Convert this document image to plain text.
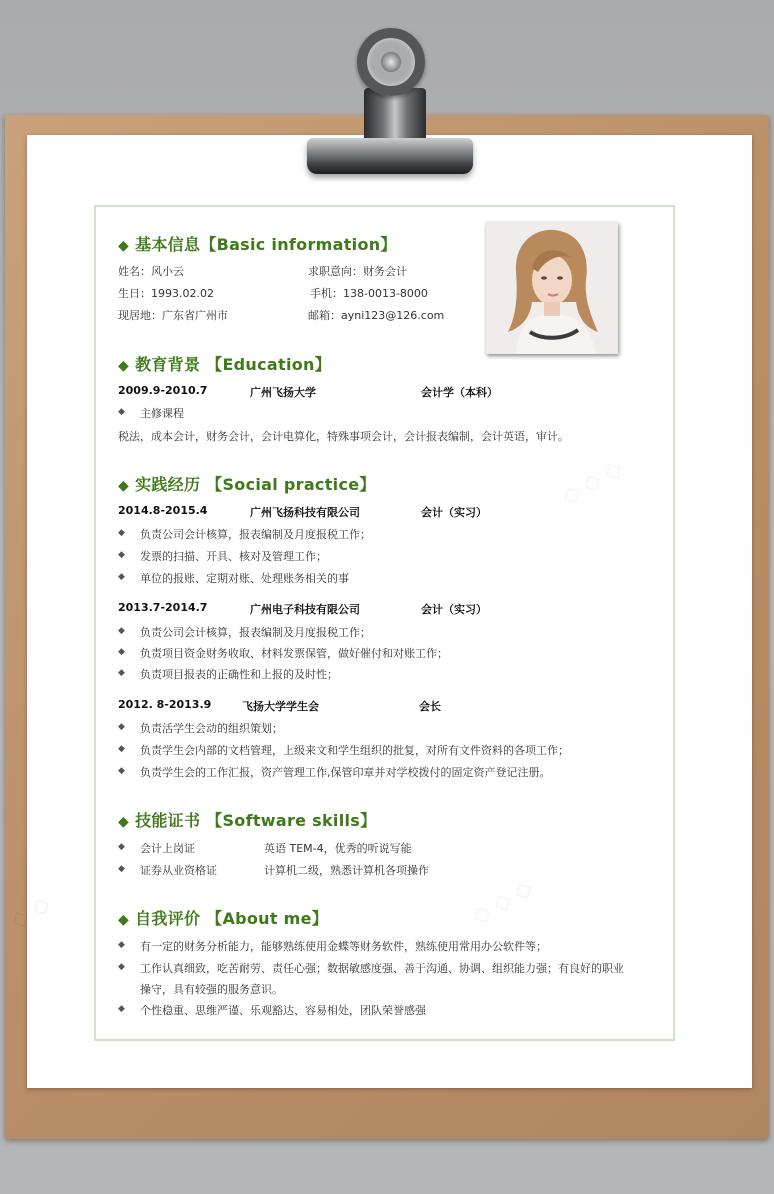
◇ ◇ ◇
◇ ◇ ◇
◇ ◇
◆ 基本信息【Basic information】
姓名：风小云	求职意向：财务会计
生日：1993.02.02	手机：138-0013-8000
现居地：广东省广州市	邮箱：ayni123@126.com
◆ 教育背景 【Education】
2009.9-2010.7	广州飞扬大学	会计学（本科）
◆ 主修课程
税法，成本会计，财务会计，会计电算化，特殊事项会计，会计报表编制，会计英语，审计。
◆ 实践经历 【Social practice】
2014.8-2015.4	广州飞扬科技有限公司	会计（实习）
◆ 负责公司会计核算，报表编制及月度报税工作；
◆ 发票的扫描、开具、核对及管理工作；
◆ 单位的报账、定期对账、处理账务相关的事
2013.7-2014.7	广州电子科技有限公司	会计（实习）
◆ 负责公司会计核算，报表编制及月度报税工作；
◆ 负责项目资金财务收取、材料发票保管，做好催付和对账工作；
◆ 负责项目报表的正确性和上报的及时性；
2012. 8-2013.9	飞扬大学学生会	会长
◆ 负责活学生会动的组织策划；
◆ 负责学生会内部的文档管理，上级来文和学生组织的批复，对所有文件资料的各项工作；
◆ 负责学生会的工作汇报，资产管理工作,保管印章并对学校拨付的固定资产登记注册。
◆ 技能证书 【Software skills】
◆ 会计上岗证	英语 TEM-4，优秀的听说写能
◆ 证券从业资格证	计算机二级，熟悉计算机各项操作
◆ 自我评价 【About me】
◆ 有一定的财务分析能力，能够熟练使用金蝶等财务软件，熟练使用常用办公软件等；
◆ 工作认真细致，吃苦耐劳、责任心强；数据敏感度强、善于沟通、协调、组织能力强；有良好的职业
操守，具有较强的服务意识。
◆ 个性稳重、思维严谨、乐观豁达、容易相处，团队荣誉感强
